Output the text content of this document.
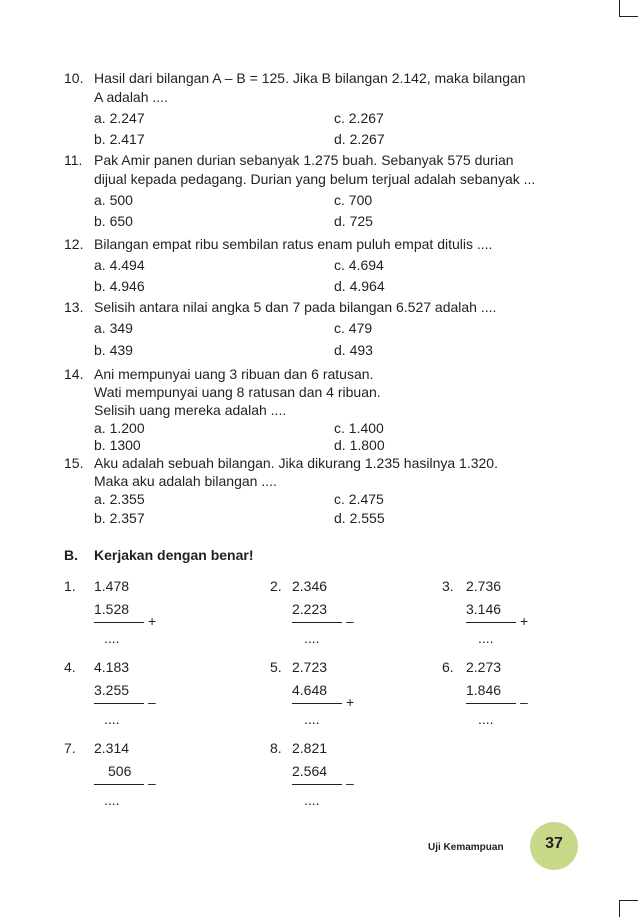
10. Hasil dari bilangan A – B = 125. Jika B bilangan 2.142, maka bilangan
A adalah ....
a. 2.247	c. 2.267
b. 2.417	d. 2.267
11. Pak Amir panen durian sebanyak 1.275 buah. Sebanyak 575 durian
dijual kepada pedagang. Durian yang belum terjual adalah sebanyak ...
a. 500	c. 700
b. 650	d. 725
12. Bilangan empat ribu sembilan ratus enam puluh empat ditulis ....
a. 4.494	c. 4.694
b. 4.946	d. 4.964
13. Selisih antara nilai angka 5 dan 7 pada bilangan 6.527 adalah ....
a. 349	c. 479
b. 439	d. 493
14. Ani mempunyai uang 3 ribuan dan 6 ratusan.
Wati mempunyai uang 8 ratusan dan 4 ribuan.
Selisih uang mereka adalah ....
a. 1.200	c. 1.400
b. 1300	d. 1.800
15. Aku adalah sebuah bilangan. Jika dikurang 1.235 hasilnya 1.320.
Maka aku adalah bilangan ....
a. 2.355	c. 2.475
b. 2.357	d. 2.555
B. Kerjakan dengan benar!
1. 1.478
1.528
+
....
2. 2.346
2.223
–
....
3. 2.736
3.146
+
....
4. 4.183
3.255
–
....
5. 2.723
4.648
+
....
6. 2.273
1.846
–
....
7. 2.314
506
–
....
8. 2.821
2.564
–
....
Uji Kemampuan	37
